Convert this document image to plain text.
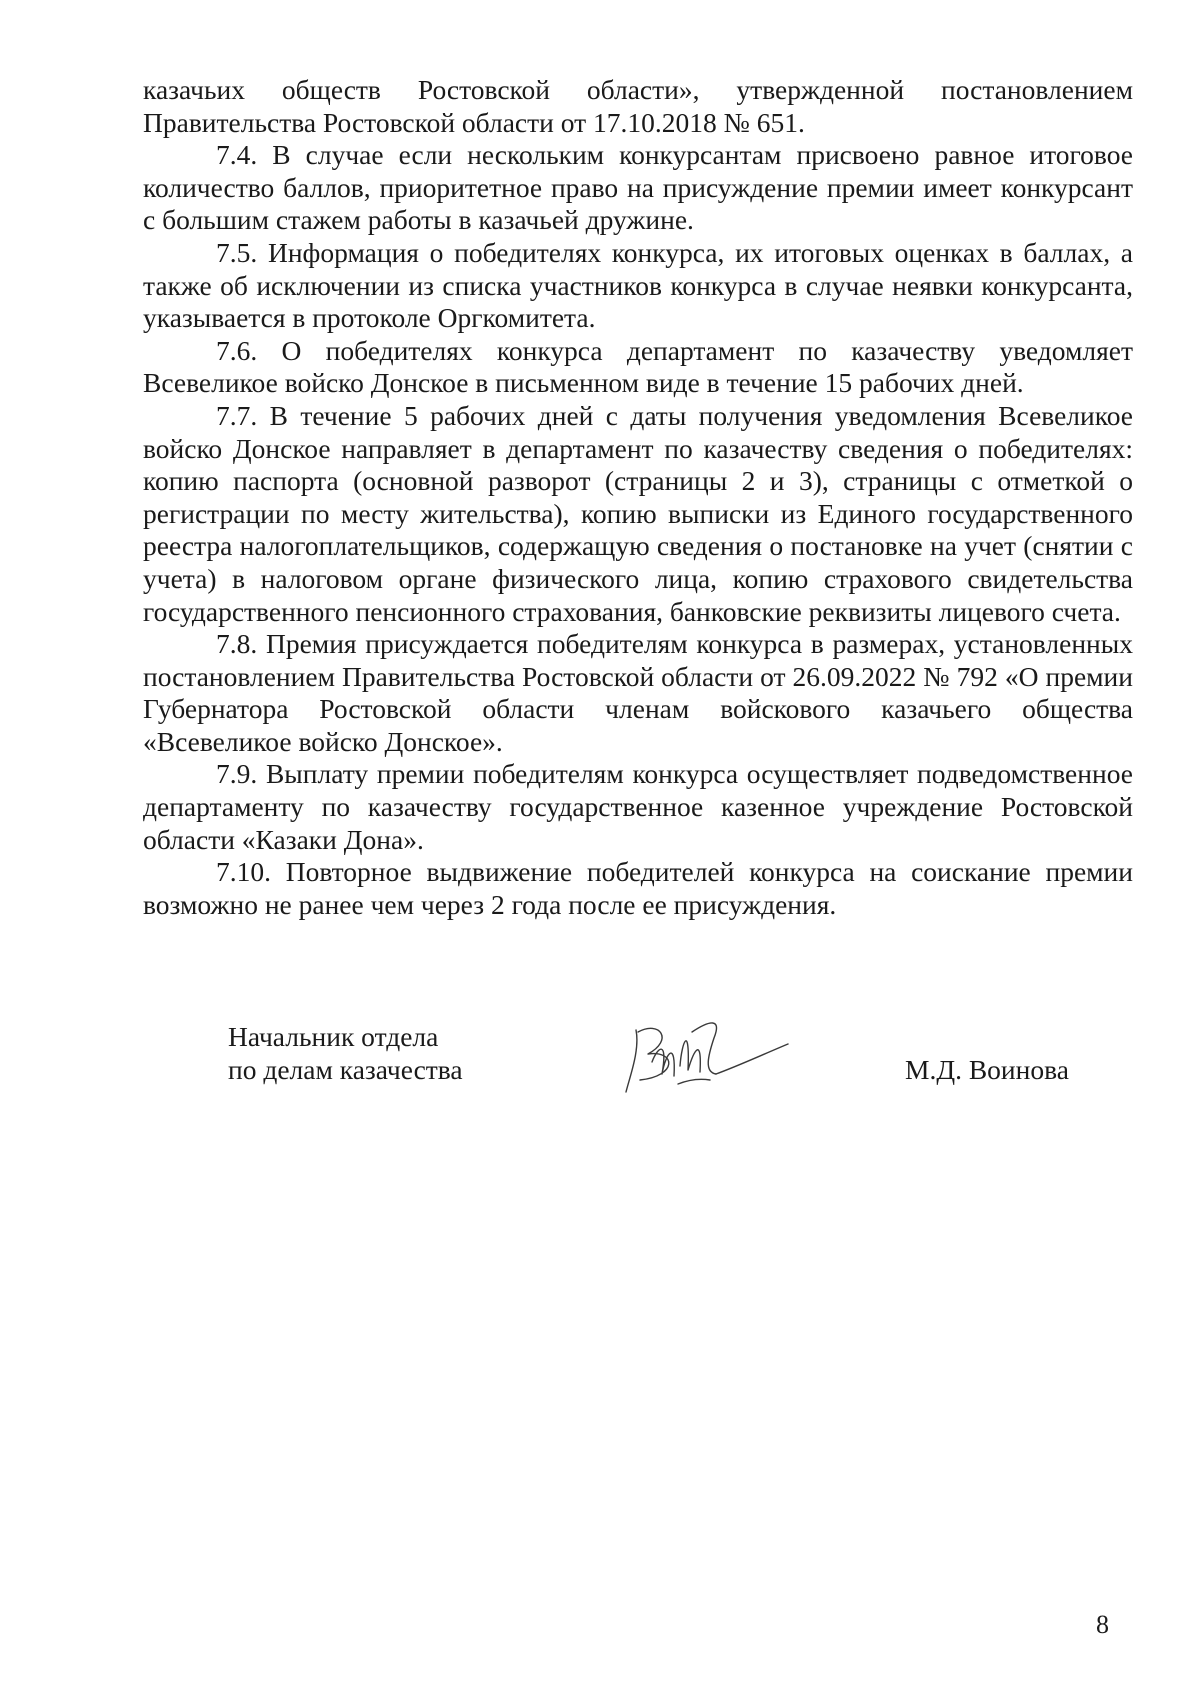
казачьих обществ Ростовской области», утвержденной постановлением Правительства Ростовской области от 17.10.2018 № 651.

7.4. В случае если нескольким конкурсантам присвоено равное итоговое количество баллов, приоритетное право на присуждение премии имеет конкурсант с большим стажем работы в казачьей дружине.

7.5. Информация о победителях конкурса, их итоговых оценках в баллах, а также об исключении из списка участников конкурса в случае неявки конкурсанта, указывается в протоколе Оргкомитета.

7.6. О победителях конкурса департамент по казачеству уведомляет Всевеликое войско Донское в письменном виде в течение 15 рабочих дней.

7.7. В течение 5 рабочих дней с даты получения уведомления Всевеликое войско Донское направляет в департамент по казачеству сведения о победителях: копию паспорта (основной разворот (страницы 2 и 3), страницы с отметкой о регистрации по месту жительства), копию выписки из Единого государственного реестра налогоплательщиков, содержащую сведения о постановке на учет (снятии с учета) в налоговом органе физического лица, копию страхового свидетельства государственного пенсионного страхования, банковские реквизиты лицевого счета.

7.8. Премия присуждается победителям конкурса в размерах, установленных постановлением Правительства Ростовской области от 26.09.2022 № 792 «О премии Губернатора Ростовской области членам войскового казачьего общества «Всевеликое войско Донское».

7.9. Выплату премии победителям конкурса осуществляет подведомственное департаменту по казачеству государственное казенное учреждение Ростовской области «Казаки Дона».

7.10. Повторное выдвижение победителей конкурса на соискание премии возможно не ранее чем через 2 года после ее присуждения.

Начальник отдела
по делам казачества	М.Д. Воинова
8
